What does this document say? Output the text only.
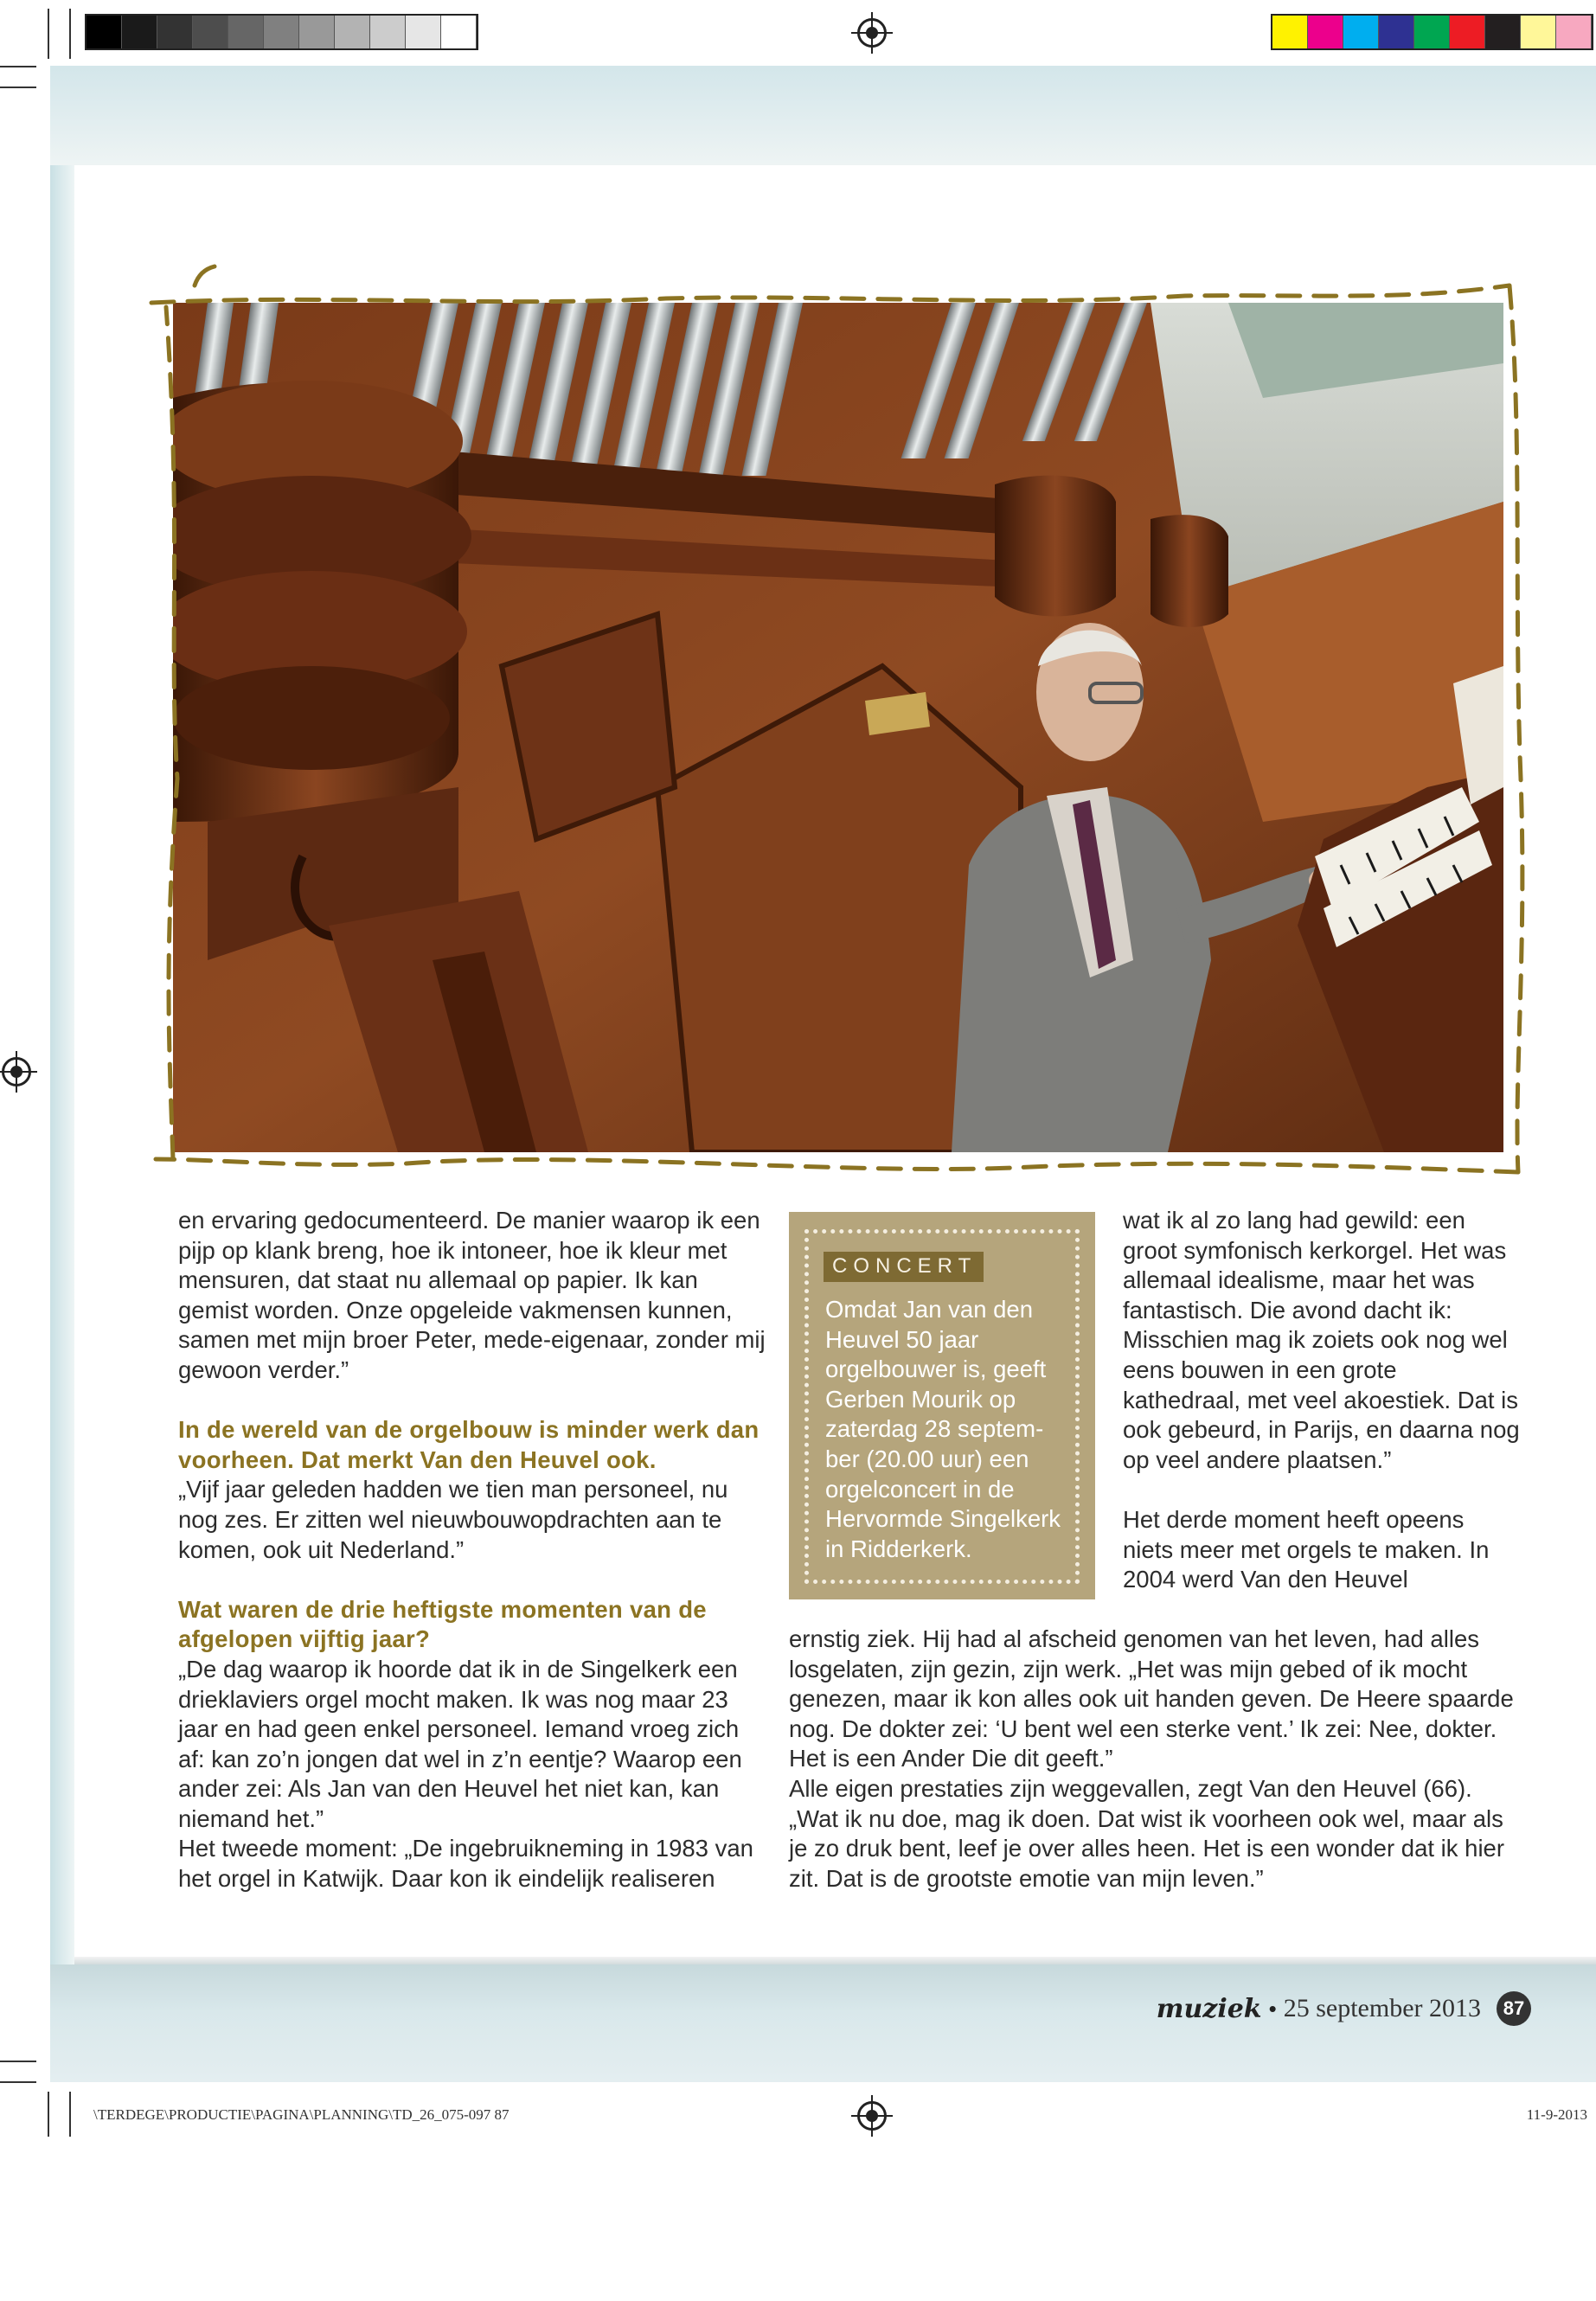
en ervaring gedocumenteerd. De manier waarop ik een pijp op klank breng, hoe ik intoneer, hoe ik kleur met mensuren, dat staat nu allemaal op papier. Ik kan gemist worden. Onze opgeleide vakmensen kunnen, samen met mijn broer Peter, mede-eigenaar, zonder mij gewoon verder.”

In de wereld van de orgelbouw is minder werk dan voorheen. Dat merkt Van den Heuvel ook.

„Vijf jaar geleden hadden we tien man personeel, nu nog zes. Er zitten wel nieuwbouwopdrachten aan te komen, ook uit Nederland.”

Wat waren de drie heftigste momenten van de afgelopen vijftig jaar?

„De dag waarop ik hoorde dat ik in de Singelkerk een drieklaviers orgel mocht maken. Ik was nog maar 23 jaar en had geen enkel personeel. Iemand vroeg zich af: kan zo’n jongen dat wel in z’n eentje? Waarop een ander zei: Als Jan van den Heuvel het niet kan, kan niemand het.”

Het tweede moment: „De ingebruikneming in 1983 van het orgel in Katwijk. Daar kon ik eindelijk realiseren

CONCERT
Omdat Jan van den Heuvel 50 jaar orgelbouwer is, geeft Gerben Mourik op zaterdag 28 septem-ber (20.00 uur) een orgelconcert in de Hervormde Singelkerk in Ridderkerk.

wat ik al zo lang had gewild: een groot symfonisch kerkorgel. Het was allemaal idealisme, maar het was fantastisch. Die avond dacht ik: Misschien mag ik zoiets ook nog wel eens bouwen in een grote kathedraal, met veel akoestiek. Dat is ook gebeurd, in Parijs, en daarna nog op veel andere plaatsen.”

Het derde moment heeft opeens niets meer met orgels te maken. In 2004 werd Van den Heuvel

ernstig ziek. Hij had al afscheid genomen van het leven, had alles losgelaten, zijn gezin, zijn werk. „Het was mijn gebed of ik mocht genezen, maar ik kon alles ook uit handen geven. De Heere spaarde nog. De dokter zei: ‘U bent wel een sterke vent.’ Ik zei: Nee, dokter. Het is een Ander Die dit geeft.”

Alle eigen prestaties zijn weggevallen, zegt Van den Heuvel (66). „Wat ik nu doe, mag ik doen. Dat wist ik voorheen ook wel, maar als je zo druk bent, leef je over alles heen. Het is een wonder dat ik hier zit. Dat is de grootste emotie van mijn leven.”

muziek • 25 september 2013	87
\TERDEGE\PRODUCTIE\PAGINA\PLANNING\TD_26_075-097 87	11-9-2013
